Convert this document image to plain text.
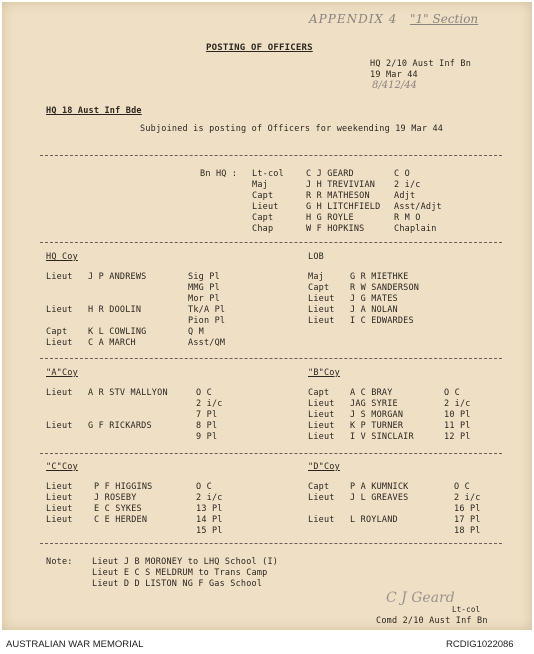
APPENDIX 4 "1" Section
POSTING OF OFFICERS
HQ 2/10 Aust Inf Bn
19 Mar 44
8/412/44
HQ 18 Aust Inf Bde
Subjoined is posting of Officers for weekending 19 Mar 44
Bn HQ :
HQ Coy	LOB
"A"Coy	"B"Coy
"C"Coy	"D"Coy
Note: Lieut J B MORONEY to LHQ School (I)
Lieut E C S MELDRUM to Trans Camp
Lieut D D LISTON NG F Gas School
C J Geard
Lt-col
Comd 2/10 Aust Inf Bn
Lt-col	C J GEARD	C O
Maj	J H TREVIVIAN 2 i/c
Capt	R R MATHESON	Adjt
Lieut	G H LITCHFIELD Asst/Adjt
Capt	H G ROYLE	R M O
Chap	W F HOPKINS	Chaplain
Lieut J P ANDREWS	Sig Pl
MMG Pl
Mor Pl
Lieut H R DOOLIN	Tk/A Pl
Pion Pl
Capt K L COWLING	Q M
Lieut C A MARCH	Asst/QM
Maj	G R MIETHKE
Capt R W SANDERSON
Lieut J G MATES
Lieut J A NOLAN
Lieut I C EDWARDES
Lieut A R STV MALLYON	O C
2 i/c
7 Pl
Lieut G F RICKARDS	8 Pl
9 Pl
Capt A C BRAY	O C
Lieut JAG SYRIE	2 i/c
Lieut J S MORGAN	10 Pl
Lieut K P TURNER	11 Pl
Lieut I V SINCLAIR	12 Pl
Lieut	P F HIGGINS	O C
Lieut	J ROSEBY	2 i/c
Lieut	E C SYKES	13 Pl
Lieut	C E HERDEN	14 Pl
15 Pl
Capt P A KUMNICK	O C
Lieut J L GREAVES	2 i/c
16 Pl
Lieut L ROYLAND	17 Pl
18 Pl
AUSTRALIAN WAR MEMORIAL	RCDIG1022086
